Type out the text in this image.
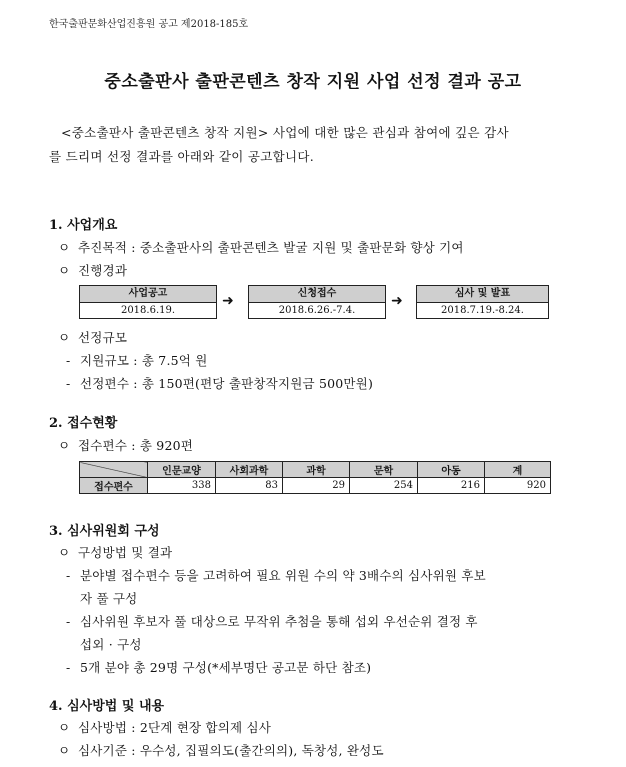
한국출판문화산업진흥원 공고 제2018-185호
중소출판사 출판콘텐츠 창작 지원 사업 선정 결과 공고
<중소출판사 출판콘텐츠 창작 지원> 사업에 대한 많은 관심과 참여에 깊은 감사
를 드리며 선정 결과를 아래와 같이 공고합니다.
1. 사업개요
ㅇ 추진목적 : 중소출판사의 출판콘텐츠 발굴 지원 및 출판문화 향상 기여
ㅇ 진행경과
사업공고
2018.6.19.
➜	신청접수
2018.6.26.-7.4.
➜	심사 및 발표
2018.7.19.-8.24.
ㅇ 선정규모
- 지원규모 : 총 7.5억 원
- 선정편수 : 총 150편(편당 출판창작지원금 500만원)
2. 접수현황
ㅇ 접수편수 : 총 920편
	인문교양	사회과학	과학	문학	아동	계
접수편수	338	83	29	254	216	920
3. 심사위원회 구성
ㅇ 구성방법 및 결과
- 분야별 접수편수 등을 고려하여 필요 위원 수의 약 3배수의 심사위원 후보
자 풀 구성
- 심사위원 후보자 풀 대상으로 무작위 추첨을 통해 섭외 우선순위 결정 후
섭외 · 구성
- 5개 분야 총 29명 구성(*세부명단 공고문 하단 참조)
4. 심사방법 및 내용
ㅇ 심사방법 : 2단계 현장 합의제 심사
ㅇ 심사기준 : 우수성, 집필의도(출간의의), 독창성, 완성도
